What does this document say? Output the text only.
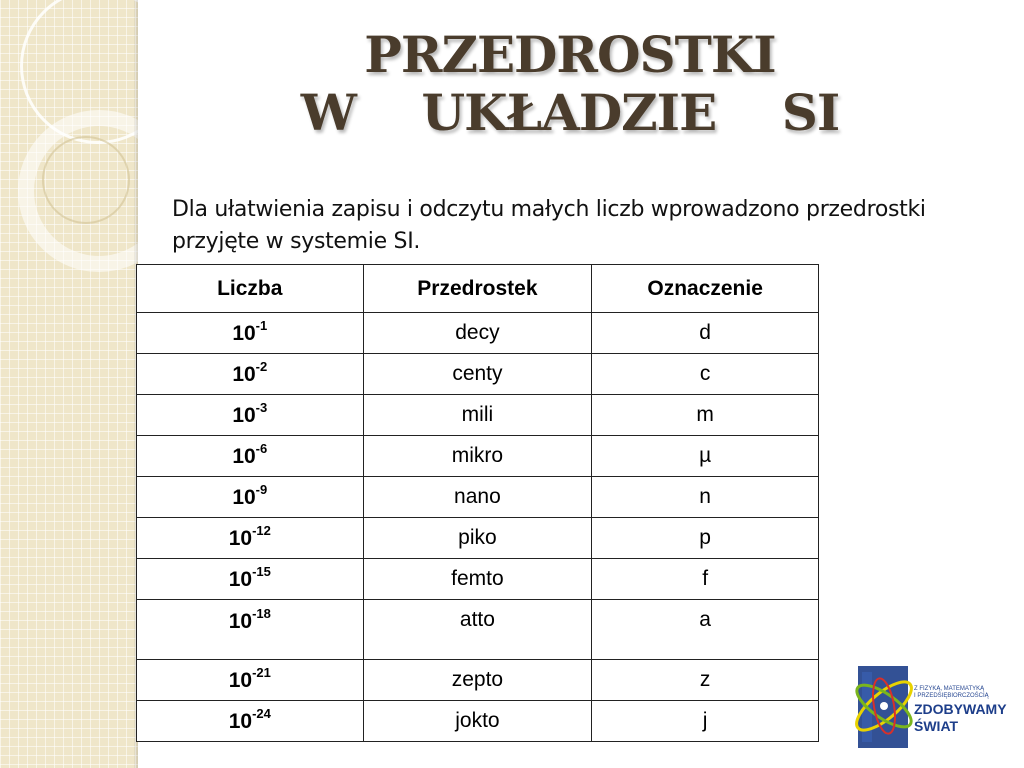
PRZEDROSTKI
W    UKŁADZIE    SI
Dla ułatwienia zapisu i odczytu małych liczb wprowadzono przedrostki przyjęte w systemie SI.
Liczba	Przedrostek	Oznaczenie
$10^{-1}$	decy	d
$10^{-2}$	centy	c
$10^{-3}$	mili	m
$10^{-6}$	mikro	µ
$10^{-9}$	nano	n
$10^{-12}$	piko	p
$10^{-15}$	femto	f
$10^{-18}$	atto	a
$10^{-21}$	zepto	z
$10^{-24}$	jokto	j
Z FIZYKĄ, MATEMATYKĄ
I PRZEDSIĘBIORCZOŚCIĄ
ZDOBYWAMY
ŚWIAT
